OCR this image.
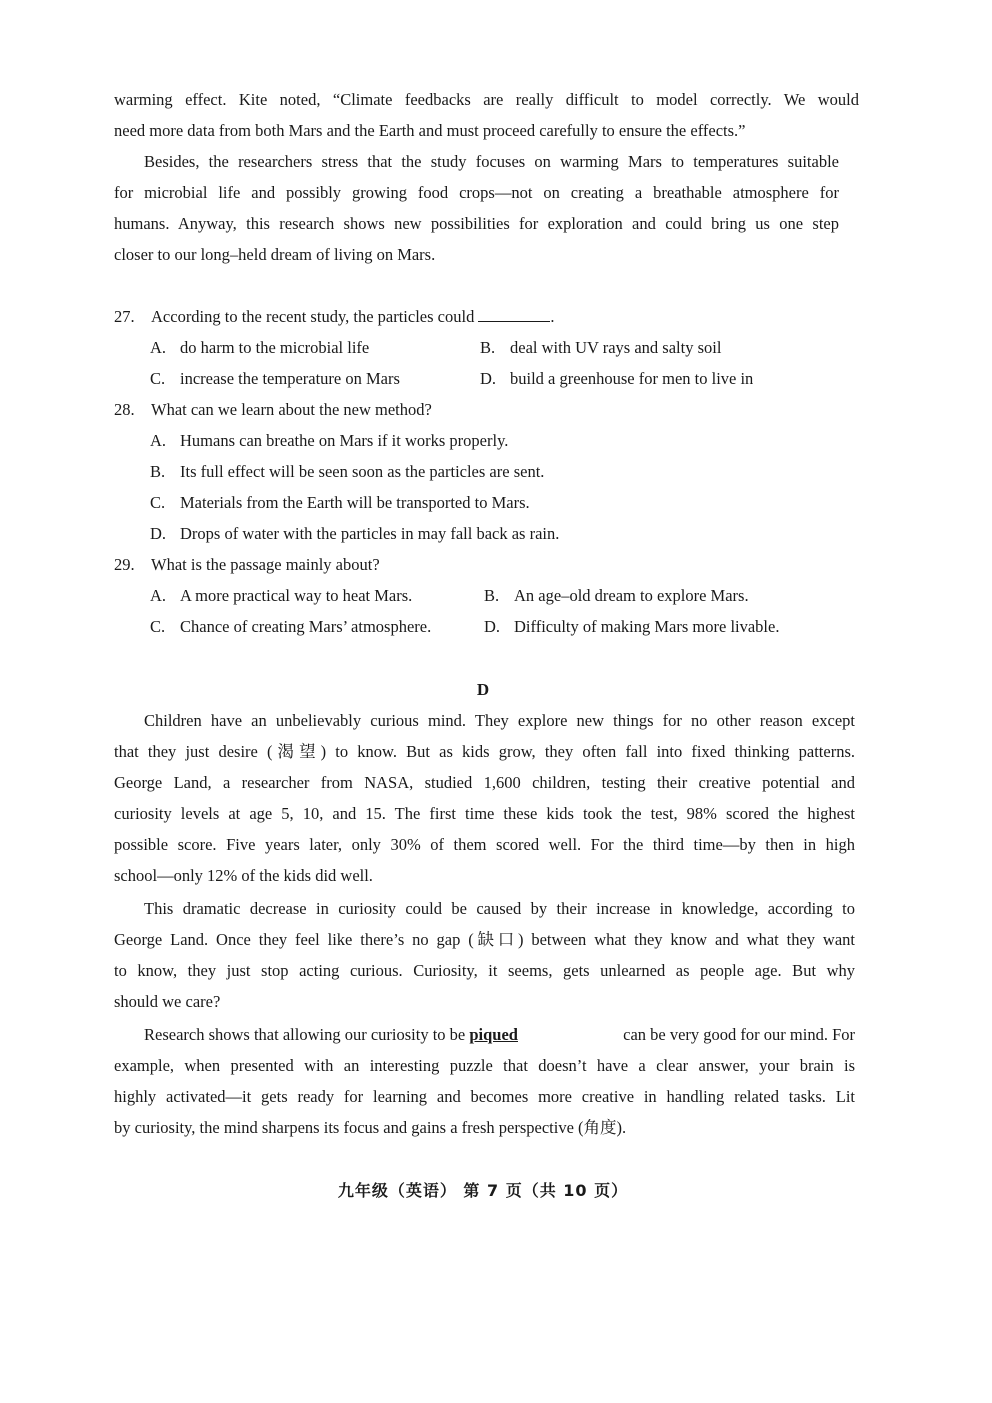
warming effect. Kite noted, “Climate feedbacks are really difficult to model correctly. We would
need more data from both Mars and the Earth and must proceed carefully to ensure the effects.”
Besides, the researchers stress that the study focuses on warming Mars to temperatures suitable
for microbial life and possibly growing food crops—not on creating a breathable atmosphere for
humans. Anyway, this research shows new possibilities for exploration and could bring us one step
closer to our long–held dream of living on Mars.
27. According to the recent study, the particles could	.
A. do harm to the microbial life	B. deal with UV rays and salty soil
C. increase the temperature on Mars	D. build a greenhouse for men to live in
28. What can we learn about the new method?
A. Humans can breathe on Mars if it works properly.
B. Its full effect will be seen soon as the particles are sent.
C. Materials from the Earth will be transported to Mars.
D. Drops of water with the particles in may fall back as rain.
29. What is the passage mainly about?
A. A more practical way to heat Mars.	B. An age–old dream to explore Mars.
C. Chance of creating Mars’ atmosphere.	D. Difficulty of making Mars more livable.
D
Children have an unbelievably curious mind. They explore new things for no other reason except
that they just desire (渴望) to know. But as kids grow, they often fall into fixed thinking patterns.
George Land, a researcher from NASA, studied 1,600 children, testing their creative potential and
curiosity levels at age 5, 10, and 15. The first time these kids took the test, 98% scored the highest
possible score. Five years later, only 30% of them scored well. For the third time—by then in high
school—only 12% of the kids did well.
This dramatic decrease in curiosity could be caused by their increase in knowledge, according to
George Land. Once they feel like there’s no gap (缺口) between what they know and what they want
to know, they just stop acting curious. Curiosity, it seems, gets unlearned as people age. But why
should we care?
Research shows that allowing our curiosity to be piqued	can be very good for our mind. For
example, when presented with an interesting puzzle that doesn’t have a clear answer, your brain is
highly activated—it gets ready for learning and becomes more creative in handling related tasks. Lit
by curiosity, the mind sharpens its focus and gains a fresh perspective (角度).
九年级（英语） 第 7 页（共 10 页）
